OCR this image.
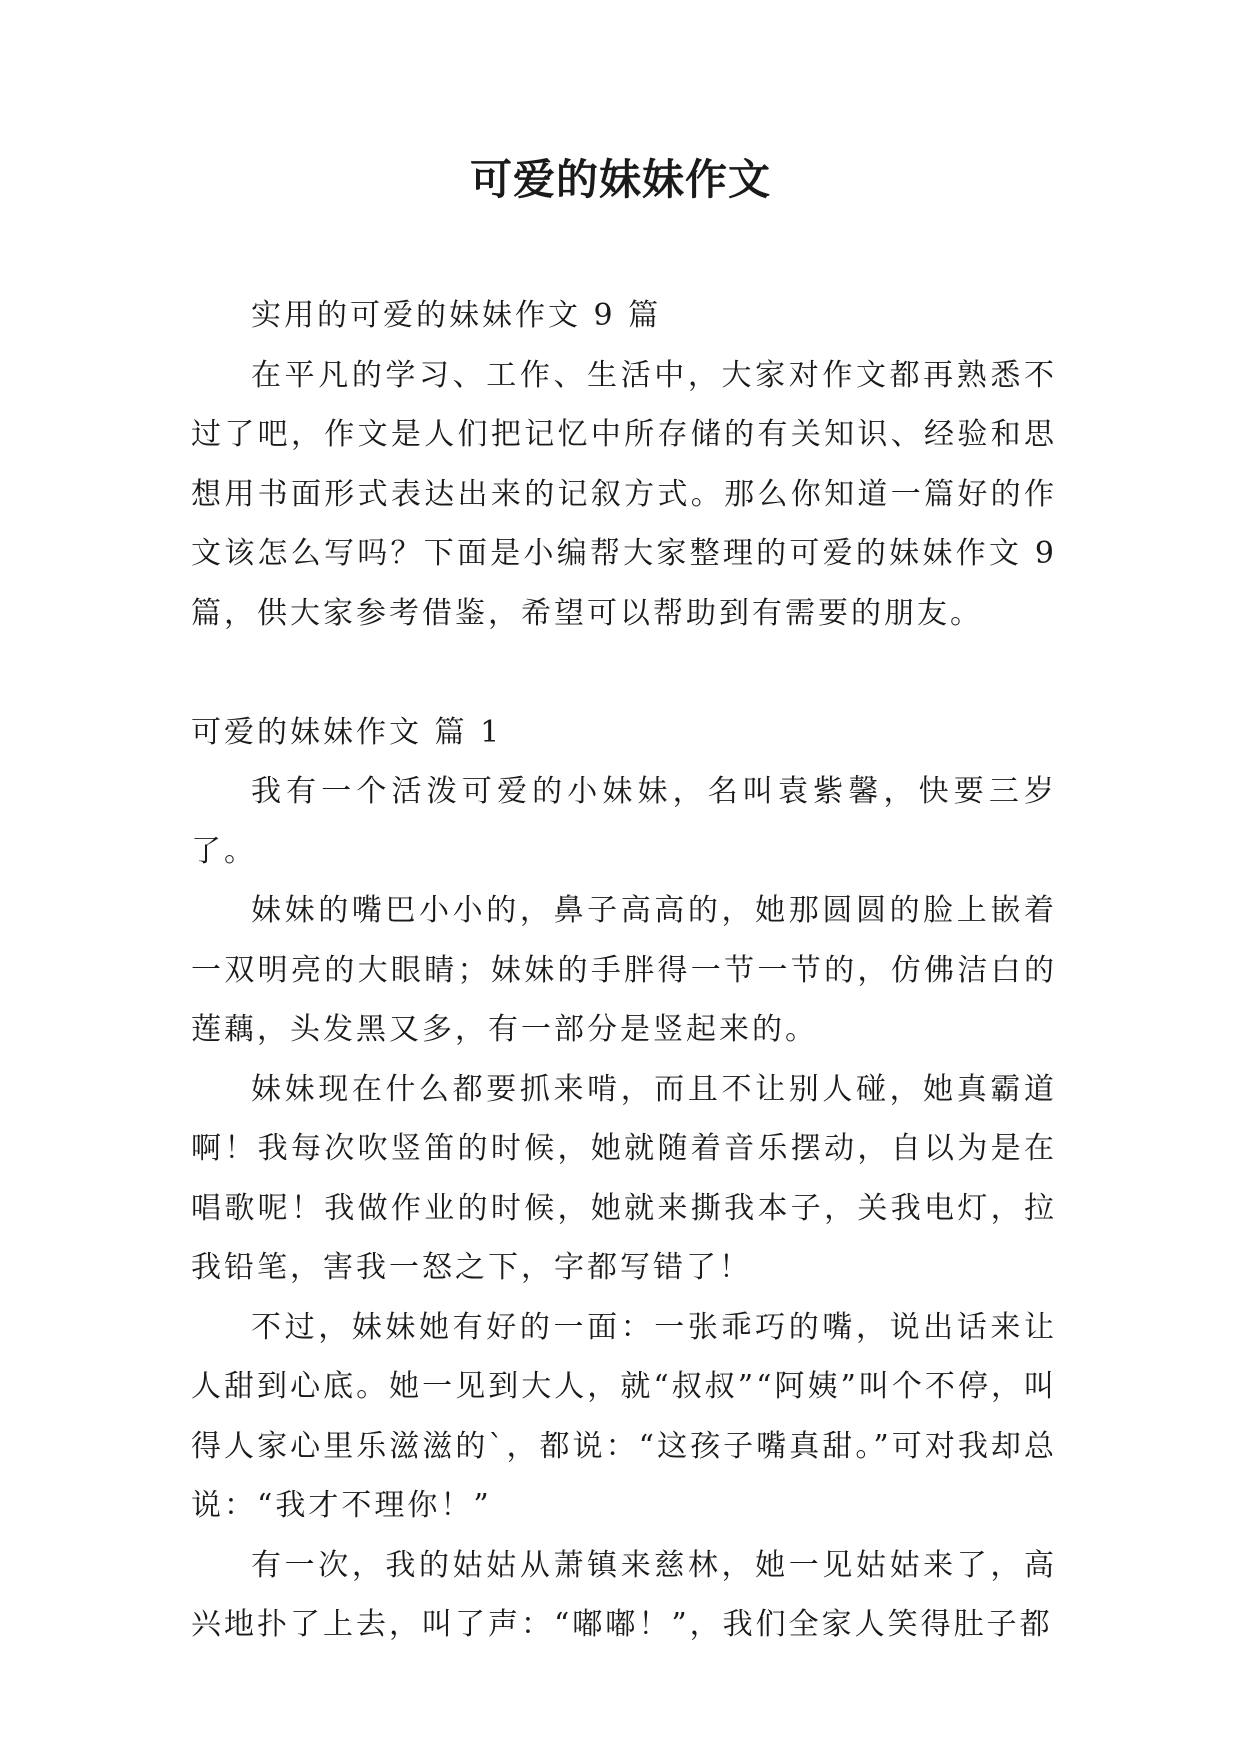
可爱的妹妹作文

实用的可爱的妹妹作文 9 篇

在平凡的学习、工作、生活中，大家对作文都再熟悉不过了吧，作文是人们把记忆中所存储的有关知识、经验和思想用书面形式表达出来的记叙方式。那么你知道一篇好的作文该怎么写吗？下面是小编帮大家整理的可爱的妹妹作文 9 篇，供大家参考借鉴，希望可以帮助到有需要的朋友。

可爱的妹妹作文 篇 1

我有一个活泼可爱的小妹妹，名叫袁紫馨，快要三岁了。

妹妹的嘴巴小小的，鼻子高高的，她那圆圆的脸上嵌着一双明亮的大眼睛；妹妹的手胖得一节一节的，仿佛洁白的莲藕，头发黑又多，有一部分是竖起来的。

妹妹现在什么都要抓来啃，而且不让别人碰，她真霸道啊！我每次吹竖笛的时候，她就随着音乐摆动，自以为是在唱歌呢！我做作业的时候，她就来撕我本子，关我电灯，拉我铅笔，害我一怒之下，字都写错了！

不过，妹妹她有好的一面：一张乖巧的嘴，说出话来让人甜到心底。她一见到大人，就“叔叔”“阿姨”叫个不停，叫得人家心里乐滋滋的`，都说：“这孩子嘴真甜。”可对我却总说：“我才不理你！”

有一次，我的姑姑从萧镇来慈林，她一见姑姑来了，高兴地扑了上去，叫了声：“嘟嘟！”，我们全家人笑得肚子都
